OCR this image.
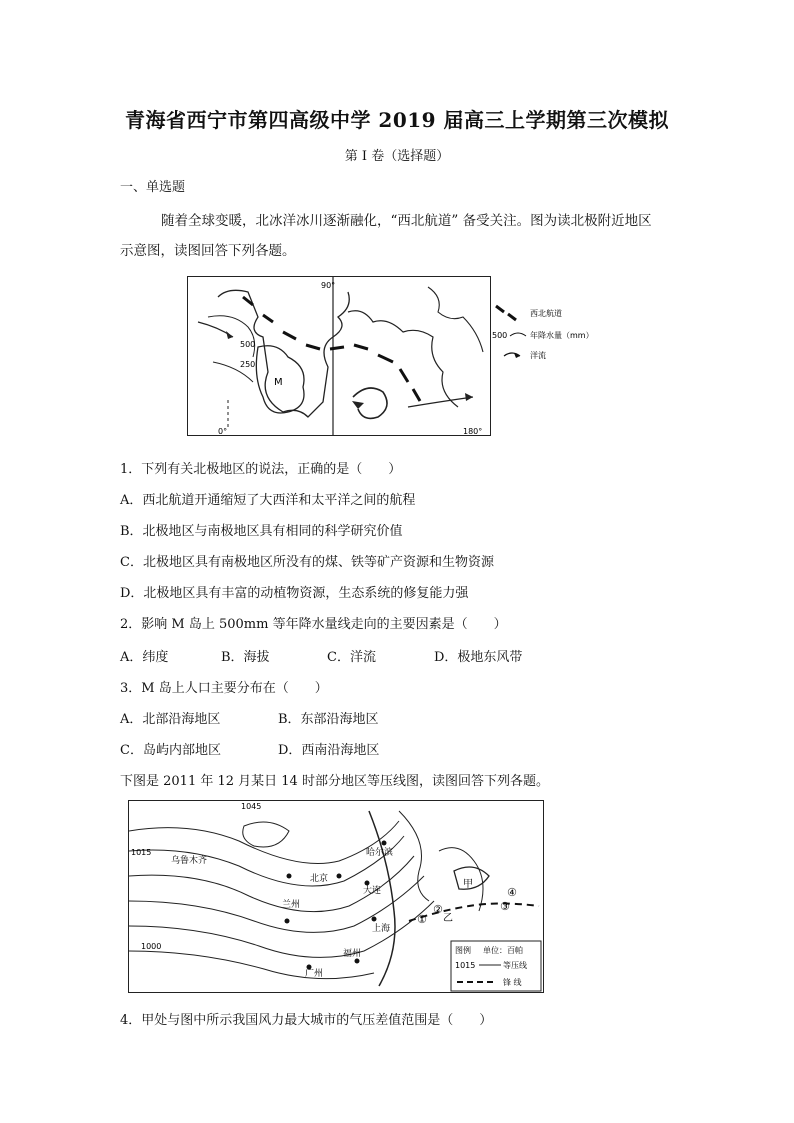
青海省西宁市第四高级中学 2019 届高三上学期第三次模拟
第 I 卷（选择题）
一、单选题
随着全球变暖，北冰洋冰川逐渐融化，“西北航道” 备受关注。图为读北极附近地区
示意图，读图回答下列各题。
90°
0°	180°
500
250
M
西北航道
500	年降水量（mm）
洋流
1．下列有关北极地区的说法，正确的是（　　）
A．西北航道开通缩短了大西洋和太平洋之间的航程
B．北极地区与南极地区具有相同的科学研究价值
C．北极地区具有南极地区所没有的煤、铁等矿产资源和生物资源
D．北极地区具有丰富的动植物资源，生态系统的修复能力强
2．影响 M 岛上 500mm 等年降水量线走向的主要因素是（　　）
A．纬度	B．海拔	C．洋流	D．极地东风带
3．M 岛上人口主要分布在（　　）
A．北部沿海地区	B．东部沿海地区
C．岛屿内部地区	D．西南沿海地区
下图是 2011 年 12 月某日 14 时部分地区等压线图，读图回答下列各题。
1045
1015
1000
乌鲁木齐
哈尔滨
北京
大连
兰州
上海
福州
广州
甲
乙
①
②	③
④
图例 单位：百帕
1015	等压线
锋 线
4．甲处与图中所示我国风力最大城市的气压差值范围是（　　）
